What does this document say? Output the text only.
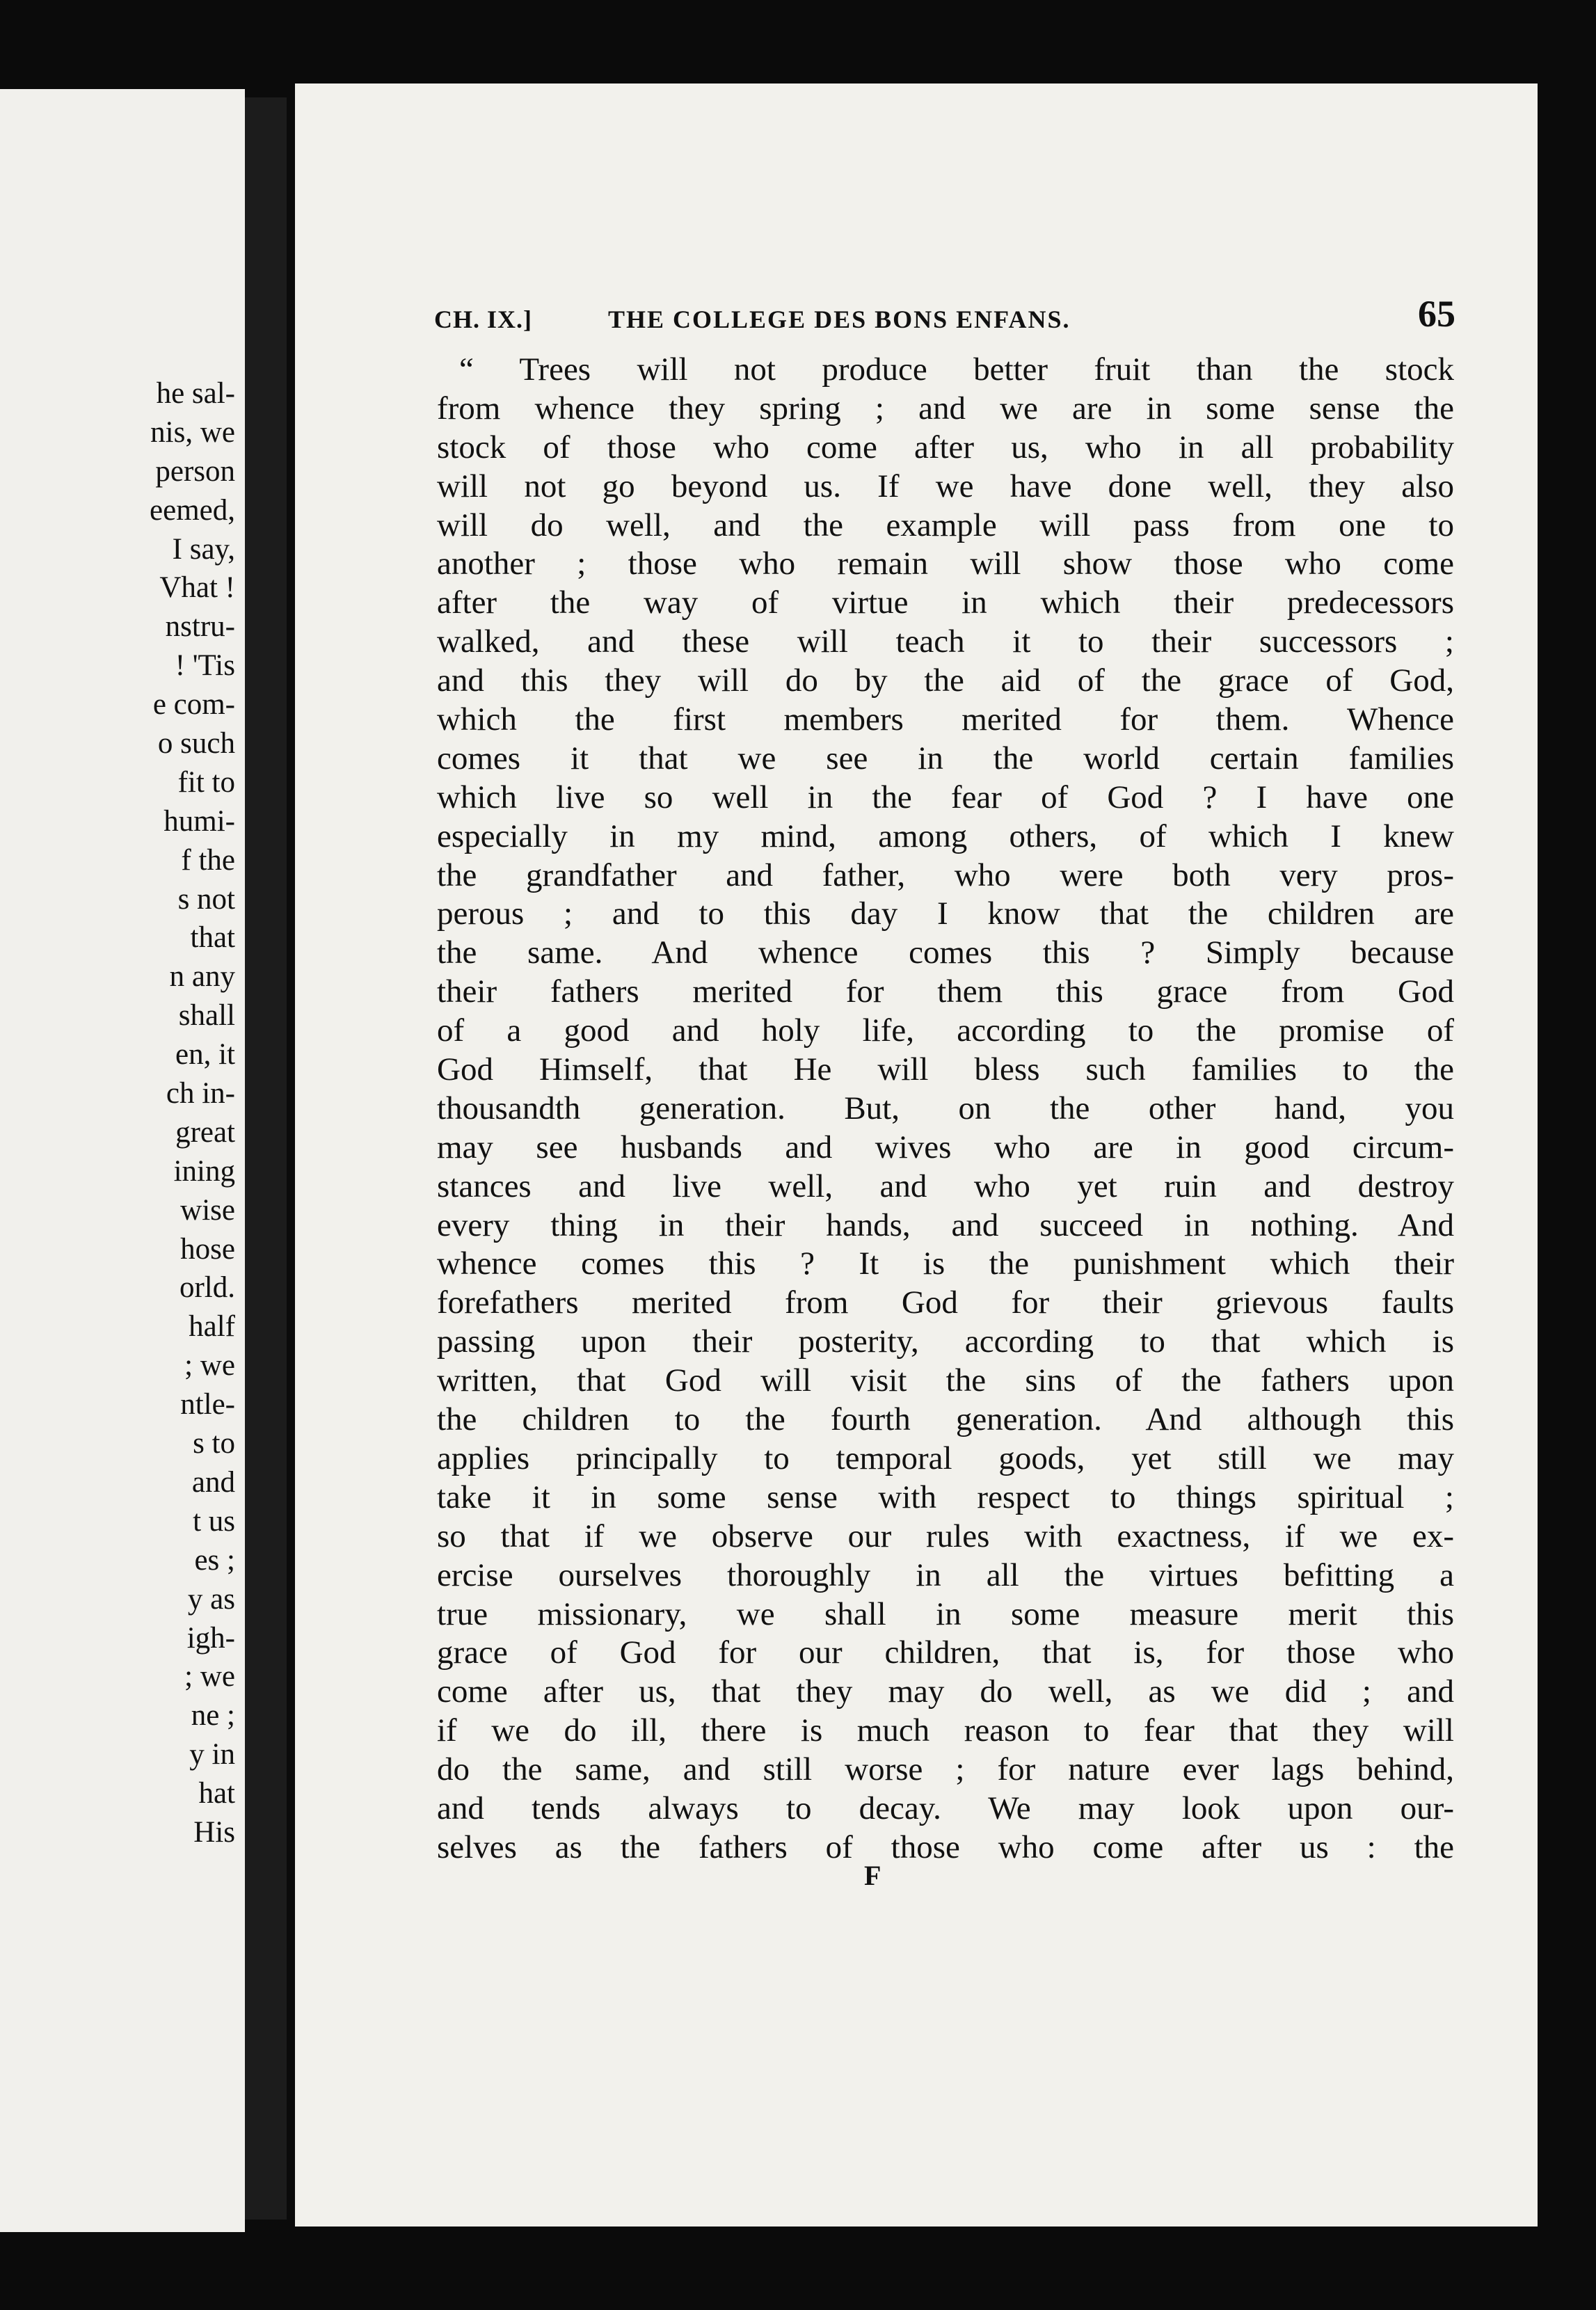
he sal-
nis, we
person
eemed,
I say,
Vhat !
nstru-
! 'Tis
e com-
o such
fit to
humi-
f the
s not
that
n any
shall
en, it
ch in-
great
ining
wise
hose
orld.
half
; we
ntle-
s to
and
t us
es ;
y as
igh-
; we
ne ;
y in
hat
His
CH. IX.]	THE COLLEGE DES BONS ENFANS.	65
“ Trees will not produce better fruit than the stock
from whence they spring ; and we are in some sense the
stock of those who come after us, who in all probability
will not go beyond us. If we have done well, they also
will do well, and the example will pass from one to
another ; those who remain will show those who come
after the way of virtue in which their predecessors
walked, and these will teach it to their successors ;
and this they will do by the aid of the grace of God,
which the first members merited for them. Whence
comes it that we see in the world certain families
which live so well in the fear of God ? I have one
especially in my mind, among others, of which I knew
the grandfather and father, who were both very pros-
perous ; and to this day I know that the children are
the same. And whence comes this ? Simply because
their fathers merited for them this grace from God
of a good and holy life, according to the promise of
God Himself, that He will bless such families to the
thousandth generation. But, on the other hand, you
may see husbands and wives who are in good circum-
stances and live well, and who yet ruin and destroy
every thing in their hands, and succeed in nothing. And
whence comes this ? It is the punishment which their
forefathers merited from God for their grievous faults
passing upon their posterity, according to that which is
written, that God will visit the sins of the fathers upon
the children to the fourth generation. And although this
applies principally to temporal goods, yet still we may
take it in some sense with respect to things spiritual ;
so that if we observe our rules with exactness, if we ex-
ercise ourselves thoroughly in all the virtues befitting a
true missionary, we shall in some measure merit this
grace of God for our children, that is, for those who
come after us, that they may do well, as we did ; and
if we do ill, there is much reason to fear that they will
do the same, and still worse ; for nature ever lags behind,
and tends always to decay. We may look upon our-
selves as the fathers of those who come after us : the
F
